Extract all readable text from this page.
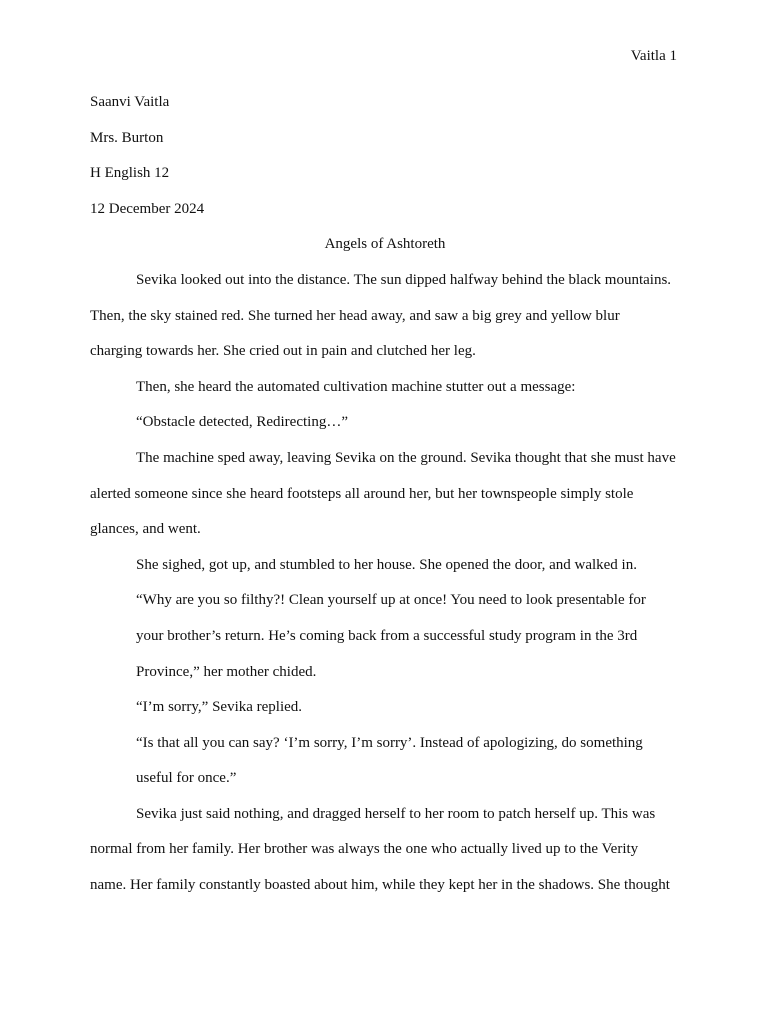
Vaitla 1
Saanvi Vaitla
Mrs. Burton
H English 12
12 December 2024
Angels of Ashtoreth
Sevika looked out into the distance. The sun dipped halfway behind the black mountains.
Then, the sky stained red. She turned her head away, and saw a big grey and yellow blur
charging towards her. She cried out in pain and clutched her leg.
Then, she heard the automated cultivation machine stutter out a message:
“Obstacle detected, Redirecting…”
The machine sped away, leaving Sevika on the ground. Sevika thought that she must have
alerted someone since she heard footsteps all around her, but her townspeople simply stole
glances, and went.
She sighed, got up, and stumbled to her house. She opened the door, and walked in.
“Why are you so filthy?! Clean yourself up at once! You need to look presentable for
your brother’s return. He’s coming back from a successful study program in the 3rd
Province,” her mother chided.
“I’m sorry,” Sevika replied.
“Is that all you can say? ‘I’m sorry, I’m sorry’. Instead of apologizing, do something
useful for once.”
Sevika just said nothing, and dragged herself to her room to patch herself up. This was
normal from her family. Her brother was always the one who actually lived up to the Verity
name. Her family constantly boasted about him, while they kept her in the shadows. She thought
